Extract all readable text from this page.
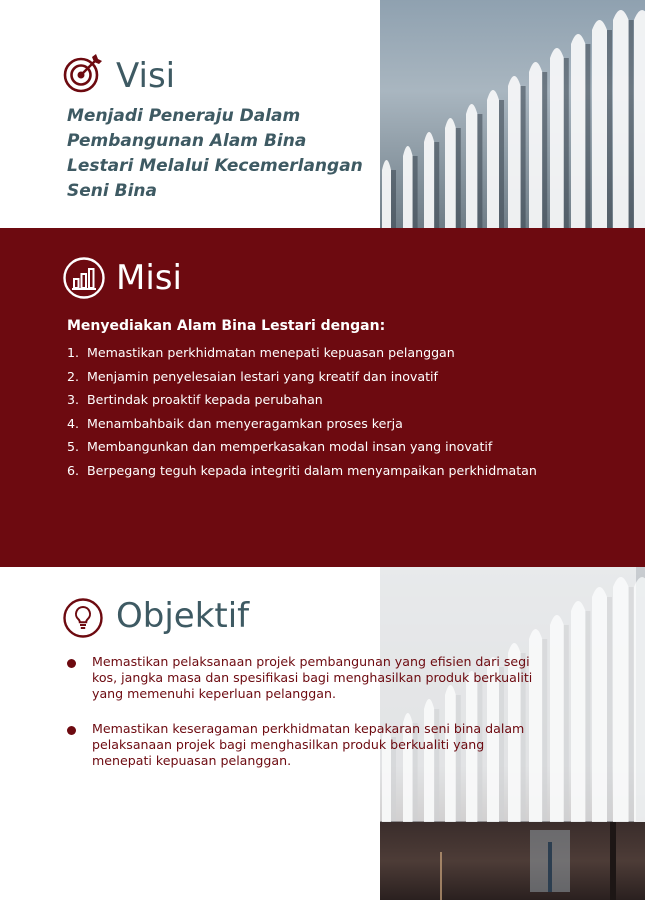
Visi

Menjadi Peneraju Dalam Pembangunan Alam Bina Lestari Melalui Kecemerlangan Seni Bina

Misi

Menyediakan Alam Bina Lestari dengan:

1. Memastikan perkhidmatan menepati kepuasan pelanggan
2. Menjamin penyelesaian lestari yang kreatif dan inovatif
3. Bertindak proaktif kepada perubahan
4. Menambahbaik dan menyeragamkan proses kerja
5. Membangunkan dan memperkasakan modal insan yang inovatif
6. Berpegang teguh kepada integriti dalam menyampaikan perkhidmatan
Objektif

Memastikan pelaksanaan projek pembangunan yang efisien dari segi kos, jangka masa dan spesifikasi bagi menghasilkan produk berkualiti yang memenuhi keperluan pelanggan.

Memastikan keseragaman perkhidmatan kepakaran seni bina dalam pelaksanaan projek bagi menghasilkan produk berkualiti yang menepati kepuasan pelanggan.
